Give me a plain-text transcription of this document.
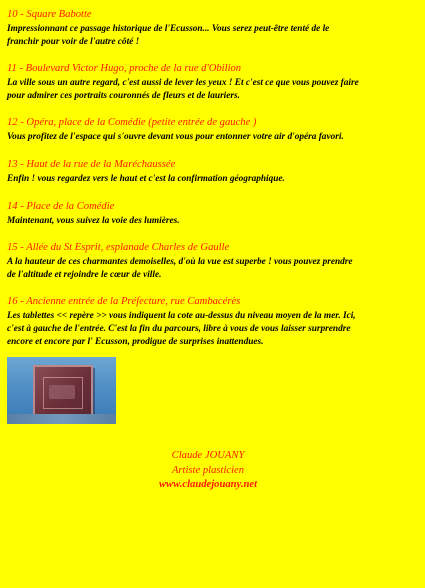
10 - Square Babotte

Impressionnant ce passage historique de l'Ecusson... Vous serez peut-être tenté de le
franchir pour voir de l'autre côté !

11 - Boulevard Victor Hugo, proche de la rue d'Obilion

La ville sous un autre regard, c'est aussi de lever les yeux ! Et c'est ce que vous pouvez faire
pour admirer ces portraits couronnés de fleurs et de lauriers.

12 - Opéra, place de la Comédie (petite entrée de gauche )

Vous profitez de l'espace qui s'ouvre devant vous pour entonner votre air d'opéra favori.

13 - Haut de la rue de la Maréchaussée

Enfin ! vous regardez vers le haut et c'est la confirmation géographique.

14 - Place de la Comédie

Maintenant, vous suivez la voie des lumières.

15 - Allée du St Esprit, esplanade Charles de Gaulle

A la hauteur de ces charmantes demoiselles, d'où la vue est superbe ! vous pouvez prendre
de l'altitude et rejoindre le cœur de ville.

16 - Ancienne entrée de la Préfecture, rue Cambacérès

Les tablettes << repère >> vous indiquent la cote au-dessus du niveau moyen de la mer. Ici,
c'est à gauche de l'entrée. C'est la fin du parcours, libre à vous de vous laisser surprendre
encore et encore par l' Ecusson, prodigue de surprises inattendues.

Claude JOUANY

Artiste plasticien

www.claudejouany.net
